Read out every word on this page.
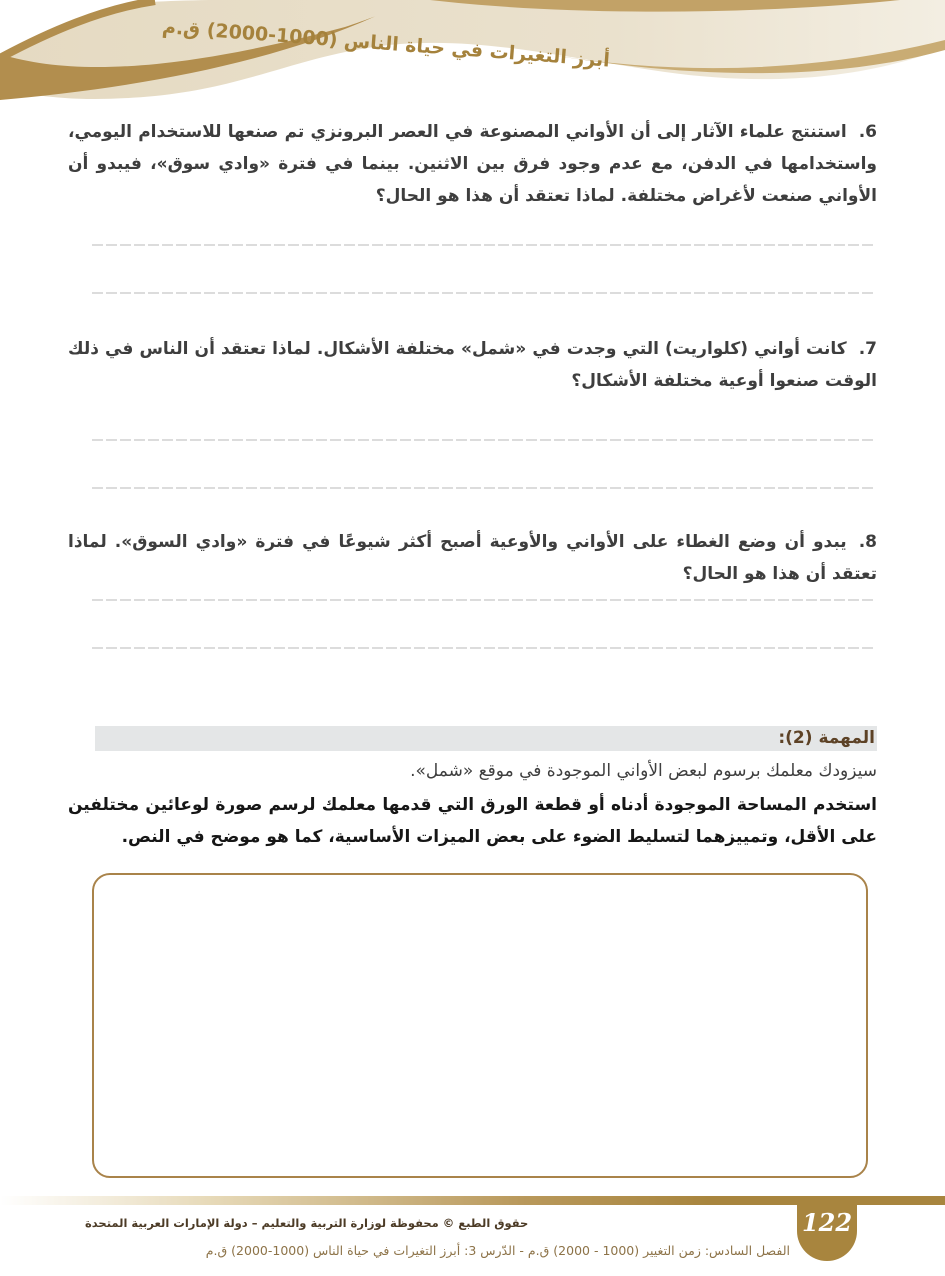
أبرز التغيرات في حياة الناس (1000-2000) ق.م
6.استنتج علماء الآثار إلى أن الأواني المصنوعة في العصر البرونزي تم صنعها للاستخدام اليومي، واستخدامها في الدفن، مع عدم وجود فرق بين الاثنين. بينما في فترة «وادي سوق»، فيبدو أن الأواني صنعت لأغراض مختلفة. لماذا تعتقد أن هذا هو الحال؟
7.كانت أواني (كلواريت) التي وجدت في «شمل» مختلفة الأشكال. لماذا تعتقد أن الناس في ذلك الوقت صنعوا أوعية مختلفة الأشكال؟
8.يبدو أن وضع الغطاء على الأواني والأوعية أصبح أكثر شيوعًا في فترة «وادي السوق». لماذا تعتقد أن هذا هو الحال؟
المهمة (2):
سيزودك معلمك برسوم لبعض الأواني الموجودة في موقع «شمل».
استخدم المساحة الموجودة أدناه أو قطعة الورق التي قدمها معلمك لرسم صورة لوعائين مختلفين على الأقل، وتمييزهما لتسليط الضوء على بعض الميزات الأساسية، كما هو موضح في النص.
122
حقوق الطبع © محفوظة لوزارة التربية والتعليم – دولة الإمارات العربية المتحدة
الفصل السادس: زمن التغيير (1000 - 2000) ق.م - الدّرس 3: أبرز التغيرات في حياة الناس (1000-2000) ق.م
